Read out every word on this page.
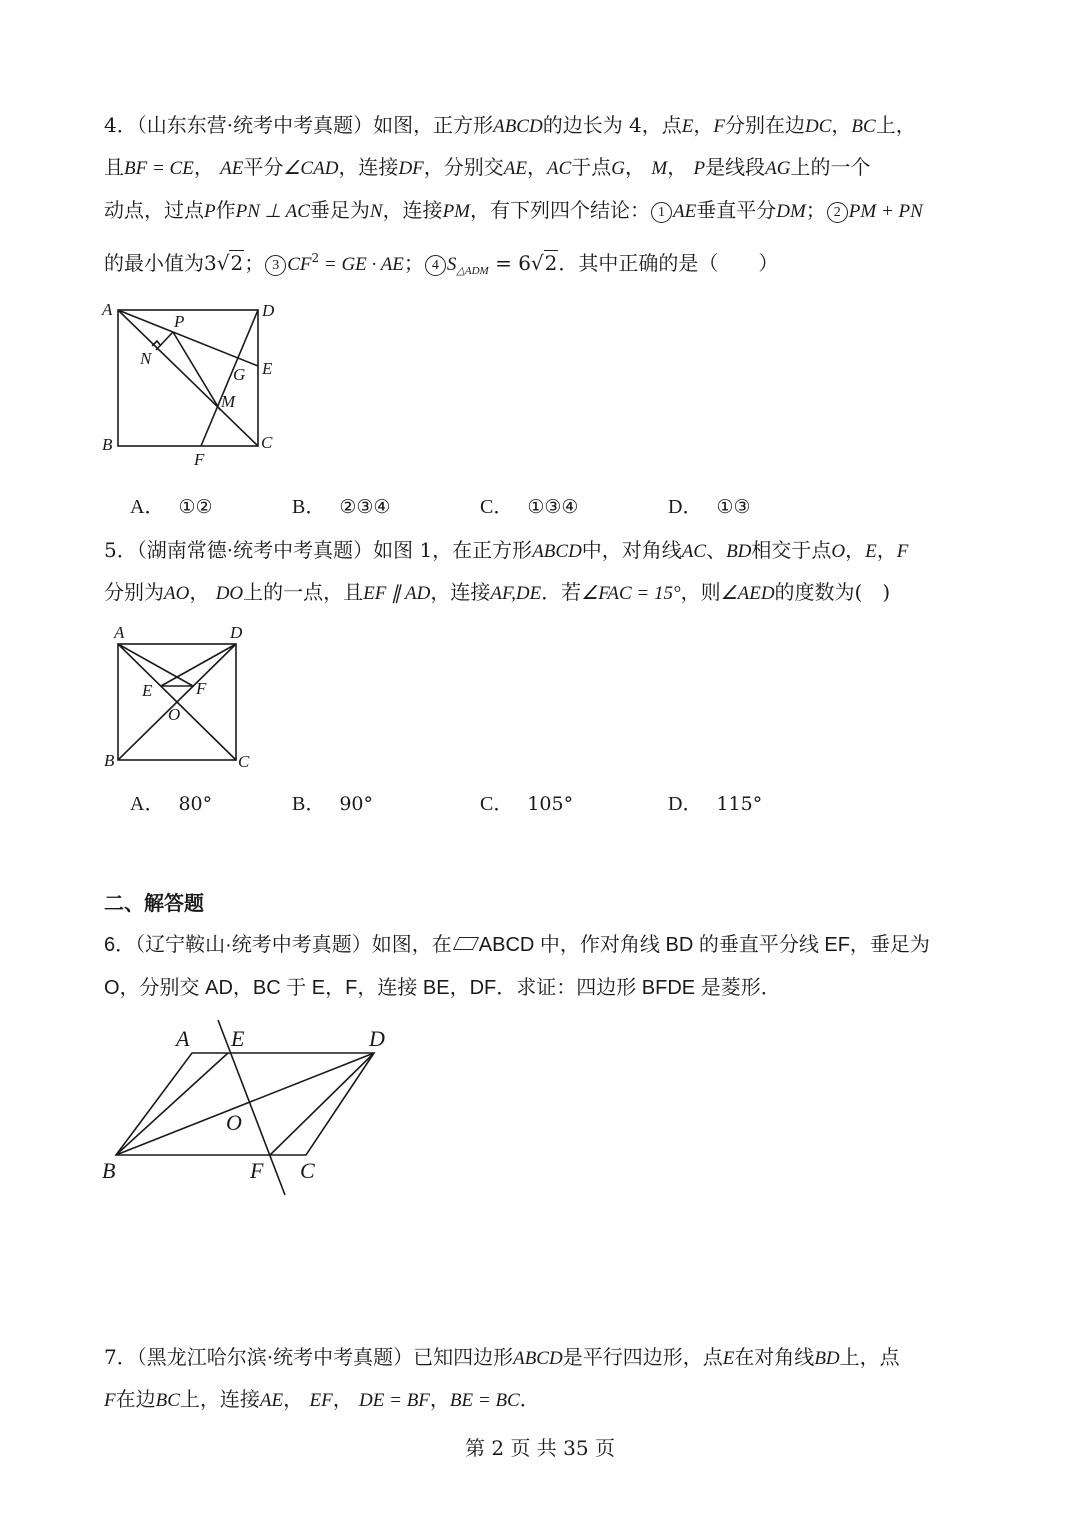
4．（山东东营·统考中考真题）如图，正方形ABCD的边长为 4，点E，F分别在边DC，BC上，
且BF = CE， AE平分∠CAD，连接DF，分别交AE，AC于点G， M， P是线段AG上的一个
动点，过点P作PN ⊥ AC垂足为N，连接PM，有下列四个结论： 1 AE垂直平分DM； 2 PM + PN
的最小值为3√2； 3 $CF^2$ = GE · AE； 4 $S_{\triangle ADM} = 6√2$．其中正确的是（　　）
A	D
P
N
E
G
M
B	C
F
A． ①②	B． ②③④	C． ①③④	D． ①③
5．（湖南常德·统考中考真题）如图 1，在正方形ABCD中，对角线AC、BD相交于点O，E，F
分别为AO， DO上的一点，且EF ∥ AD，连接AF,DE．若∠FAC = 15°，则∠AED的度数为(　)
A	D
E	F
O
B	C
A． 80°	B． 90°	C． 105°	D． 115°
二、解答题
6．（辽宁鞍山·统考中考真题）如图，在 ABCD 中，作对角线 BD 的垂直平分线 EF，垂足为
O，分别交 AD，BC 于 E，F，连接 BE，DF．求证：四边形 BFDE 是菱形．
A E	D
O
B	F C
7．（黑龙江哈尔滨·统考中考真题）已知四边形ABCD是平行四边形，点E在对角线BD上，点
F在边BC上，连接AE， EF， DE = BF，BE = BC．
第 2 页 共 35 页
